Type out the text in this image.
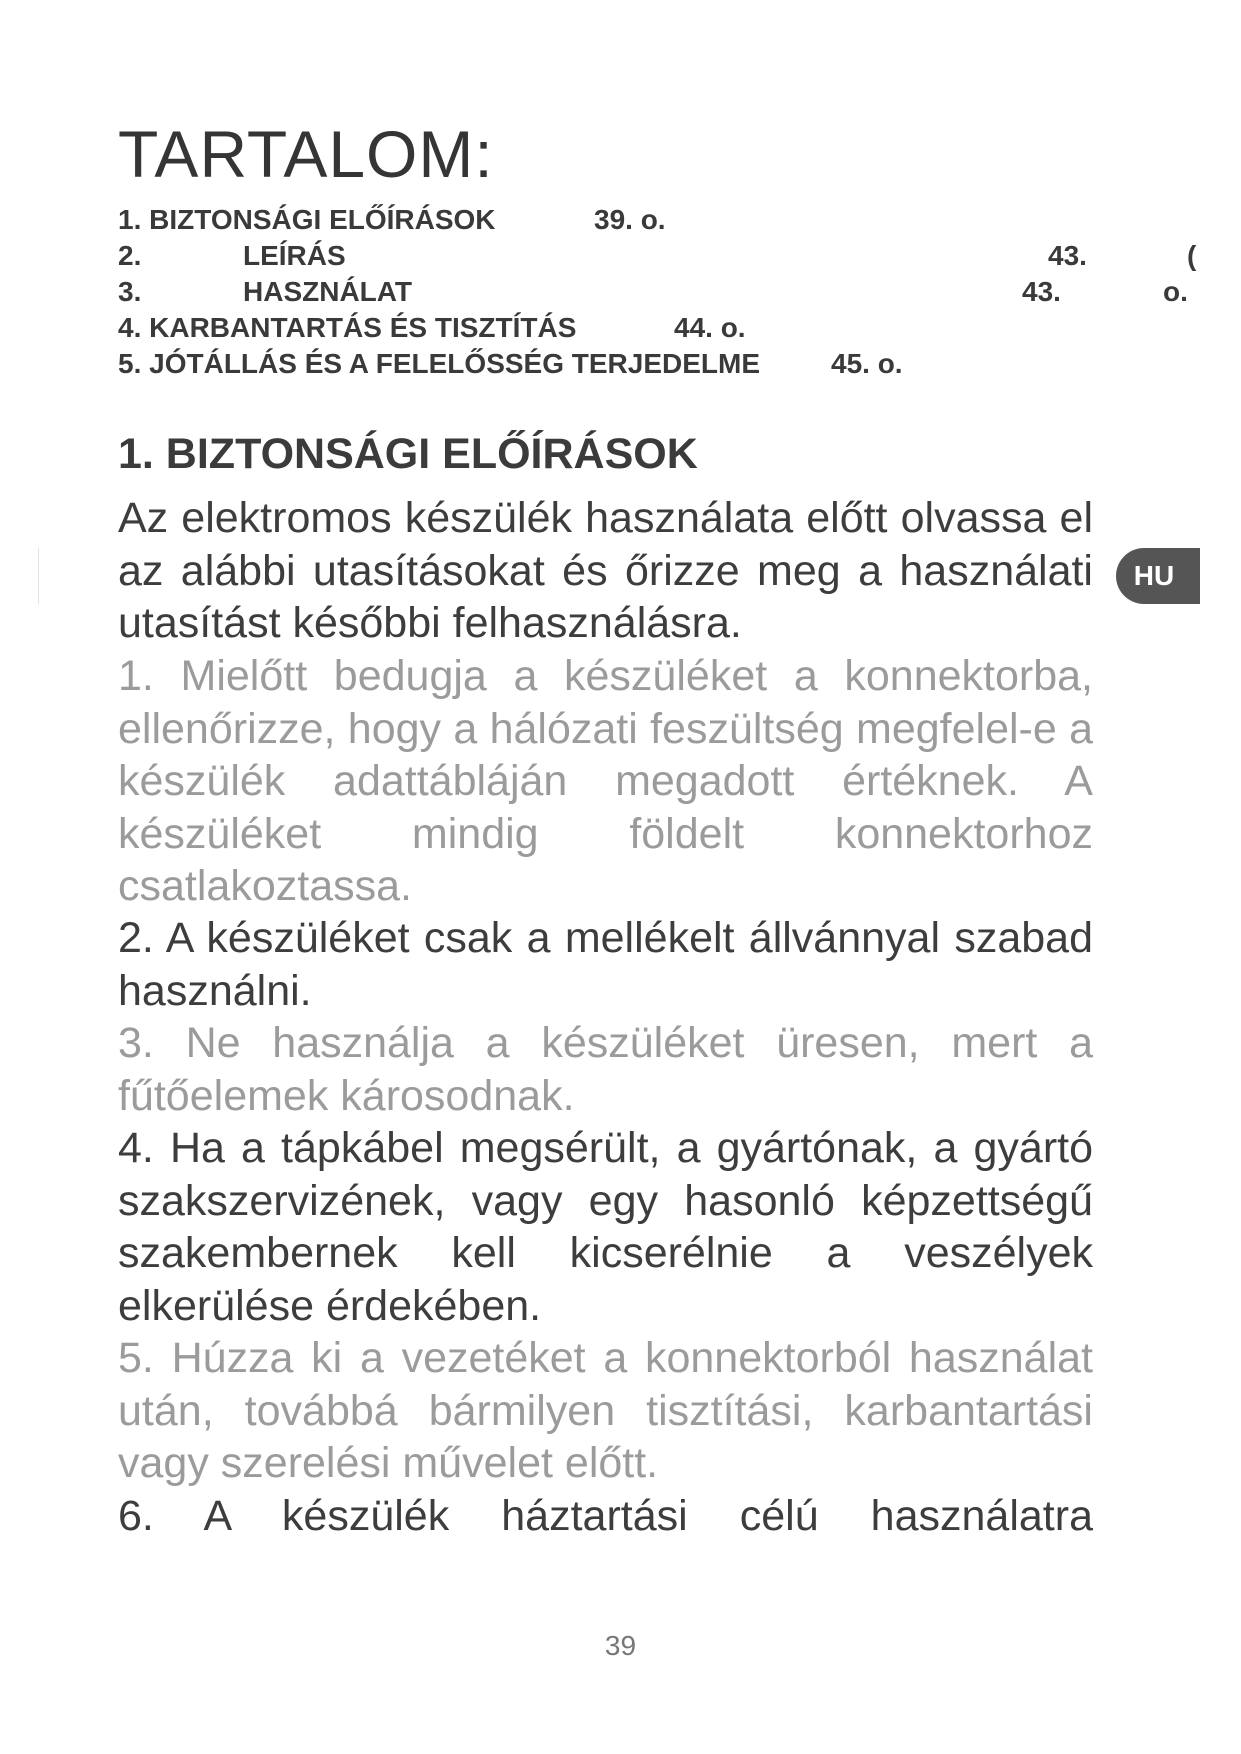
TARTALOM:
1. BIZTONSÁGI ELŐÍRÁSOK	39. o.
2.	LEÍRÁS	43.	(
3.	HASZNÁLAT	43.	o.
4. KARBANTARTÁS ÉS TISZTÍTÁS	44. o.
5. JÓTÁLLÁS ÉS A FELELŐSSÉG TERJEDELME	45. o.
1. BIZTONSÁGI ELŐÍRÁSOK
Az elektromos készülék használata előtt olvassa el az alábbi utasításokat és őrizze meg a használati utasítást későbbi felhasználásra.
1. Mielőtt bedugja a készüléket a konnektorba, ellenőrizze, hogy a hálózati feszültség megfelel-e a készülék adattábláján megadott értéknek. A készüléket mindig földelt konnektorhoz csatlakoztassa.
2. A készüléket csak a mellékelt állvánnyal szabad használni.
3. Ne használja a készüléket üresen, mert a fűtőelemek károsodnak.
4. Ha a tápkábel megsérült, a gyártónak, a gyártó szakszervizének, vagy egy hasonló képzettségű szakembernek kell kicserélnie a veszélyek elkerülése érdekében.
5. Húzza ki a vezetéket a konnektorból használat után, továbbá bármilyen tisztítási, karbantartási vagy szerelési művelet előtt.
6. A készülék háztartási célú használatra
HU
39
